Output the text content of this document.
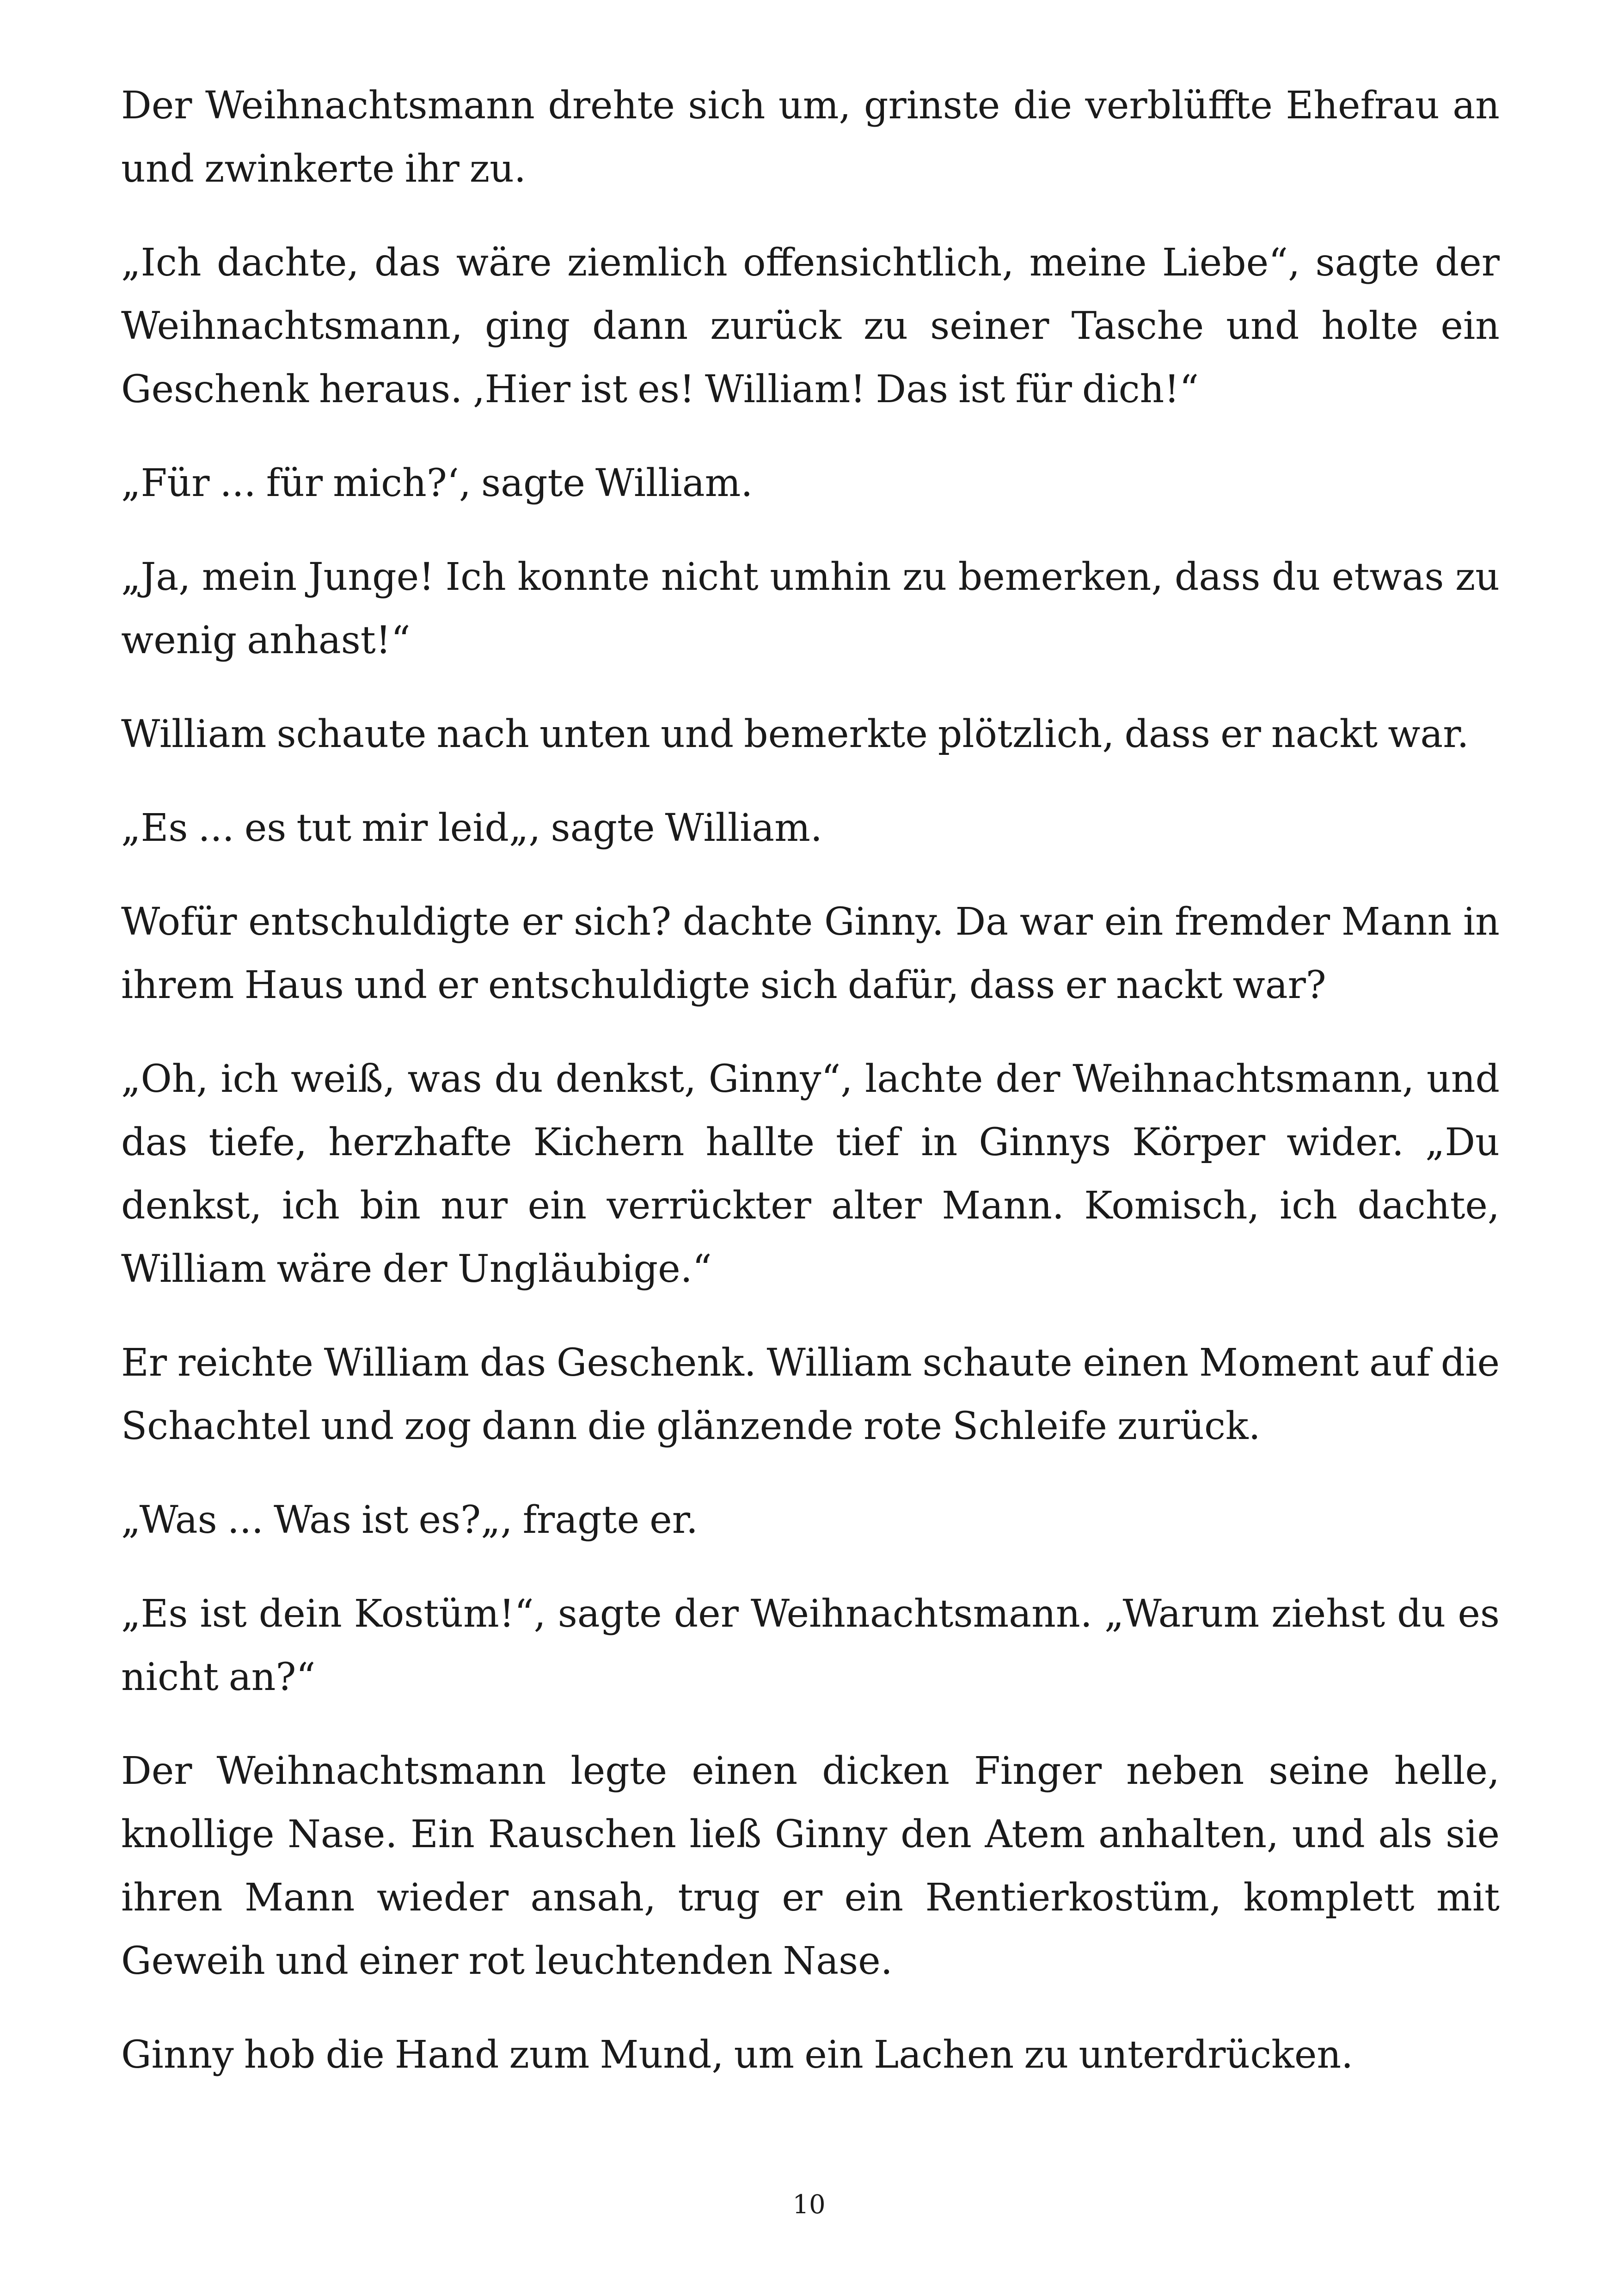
Der Weihnachtsmann drehte sich um, grinste die verblüffte Ehefrau an und zwinkerte ihr zu.

„Ich dachte, das wäre ziemlich offensichtlich, meine Liebe“, sagte der Weihnachtsmann, ging dann zurück zu seiner Tasche und holte ein Geschenk heraus. ‚Hier ist es! William! Das ist für dich!“

„Für ... für mich?‘, sagte William.

„Ja, mein Junge! Ich konnte nicht umhin zu bemerken, dass du etwas zu wenig anhast!“

William schaute nach unten und bemerkte plötzlich, dass er nackt war.

„Es ... es tut mir leid„, sagte William.

Wofür entschuldigte er sich? dachte Ginny. Da war ein fremder Mann in ihrem Haus und er entschuldigte sich dafür, dass er nackt war?

„Oh, ich weiß, was du denkst, Ginny“, lachte der Weihnachtsmann, und das tiefe, herzhafte Kichern hallte tief in Ginnys Körper wider. „Du denkst, ich bin nur ein verrückter alter Mann. Komisch, ich dachte, William wäre der Ungläubige.“

Er reichte William das Geschenk. William schaute einen Moment auf die Schachtel und zog dann die glänzende rote Schleife zurück.

„Was ... Was ist es?„, fragte er.

„Es ist dein Kostüm!“, sagte der Weihnachtsmann. „Warum ziehst du es nicht an?“

Der Weihnachtsmann legte einen dicken Finger neben seine helle, knollige Nase. Ein Rauschen ließ Ginny den Atem anhalten, und als sie ihren Mann wieder ansah, trug er ein Rentierkostüm, komplett mit Geweih und einer rot leuchtenden Nase.

Ginny hob die Hand zum Mund, um ein Lachen zu unterdrücken.

10
